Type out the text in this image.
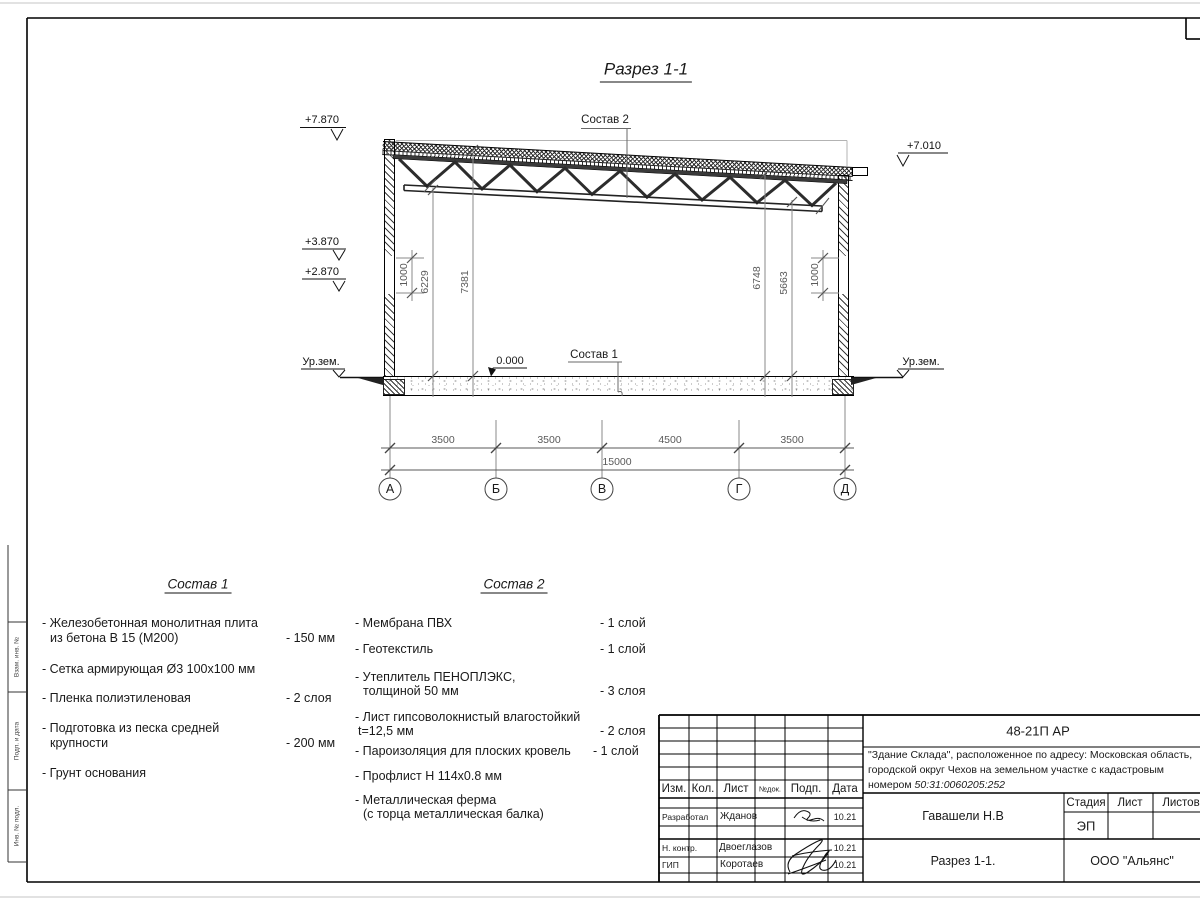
Разрез 1-1
Состав 2
Состав 1
0.000
+7.870
+3.870
+2.870
Ур.зем.
+7.010
Ур.зем.
1000 6229	7381	6748 5663 1000
3500	3500	4500	3500
15000
А	Б	В	Г	Д
Состав 1
- Железобетонная монолитная плита
из бетона В 15 (М200)	- 150 мм
- Сетка армирующая Ø3 100х100 мм
- Пленка полиэтиленовая	- 2 слоя
- Подготовка из песка средней
крупности	- 200 мм
- Грунт основания
Состав 2
- Мембрана ПВХ	- 1 слой
- Геотекстиль	- 1 слой
- Утеплитель ПЕНОПЛЭКС,
толщиной 50 мм	- 3 слоя
- Лист гипсоволокнистый влагостойкий
t=12,5 мм	- 2 слоя
- Пароизоляция для плоских кровель - 1 слой
- Профлист Н 114х0.8 мм
- Металлическая ферма
(с торца металлическая балка)
48-21П АР
"Здание Склада", расположенное по адресу: Московская область,
городской округ Чехов на земельном участке с кадастровым
номером 50:31:0060205:252
Изм. Кол. Лист №док. Подп. Дата
Разработал Жданов	10.21
Н. контр. Двоеглазов	10.21
ГИП	Коротаев	10.21
Гавашели Н.В
Стадия Лист Листов
ЭП
Разрез 1-1.	ООО "Альянс"
Взам. инв. №
Подп. и дата
Инв. № подл.
